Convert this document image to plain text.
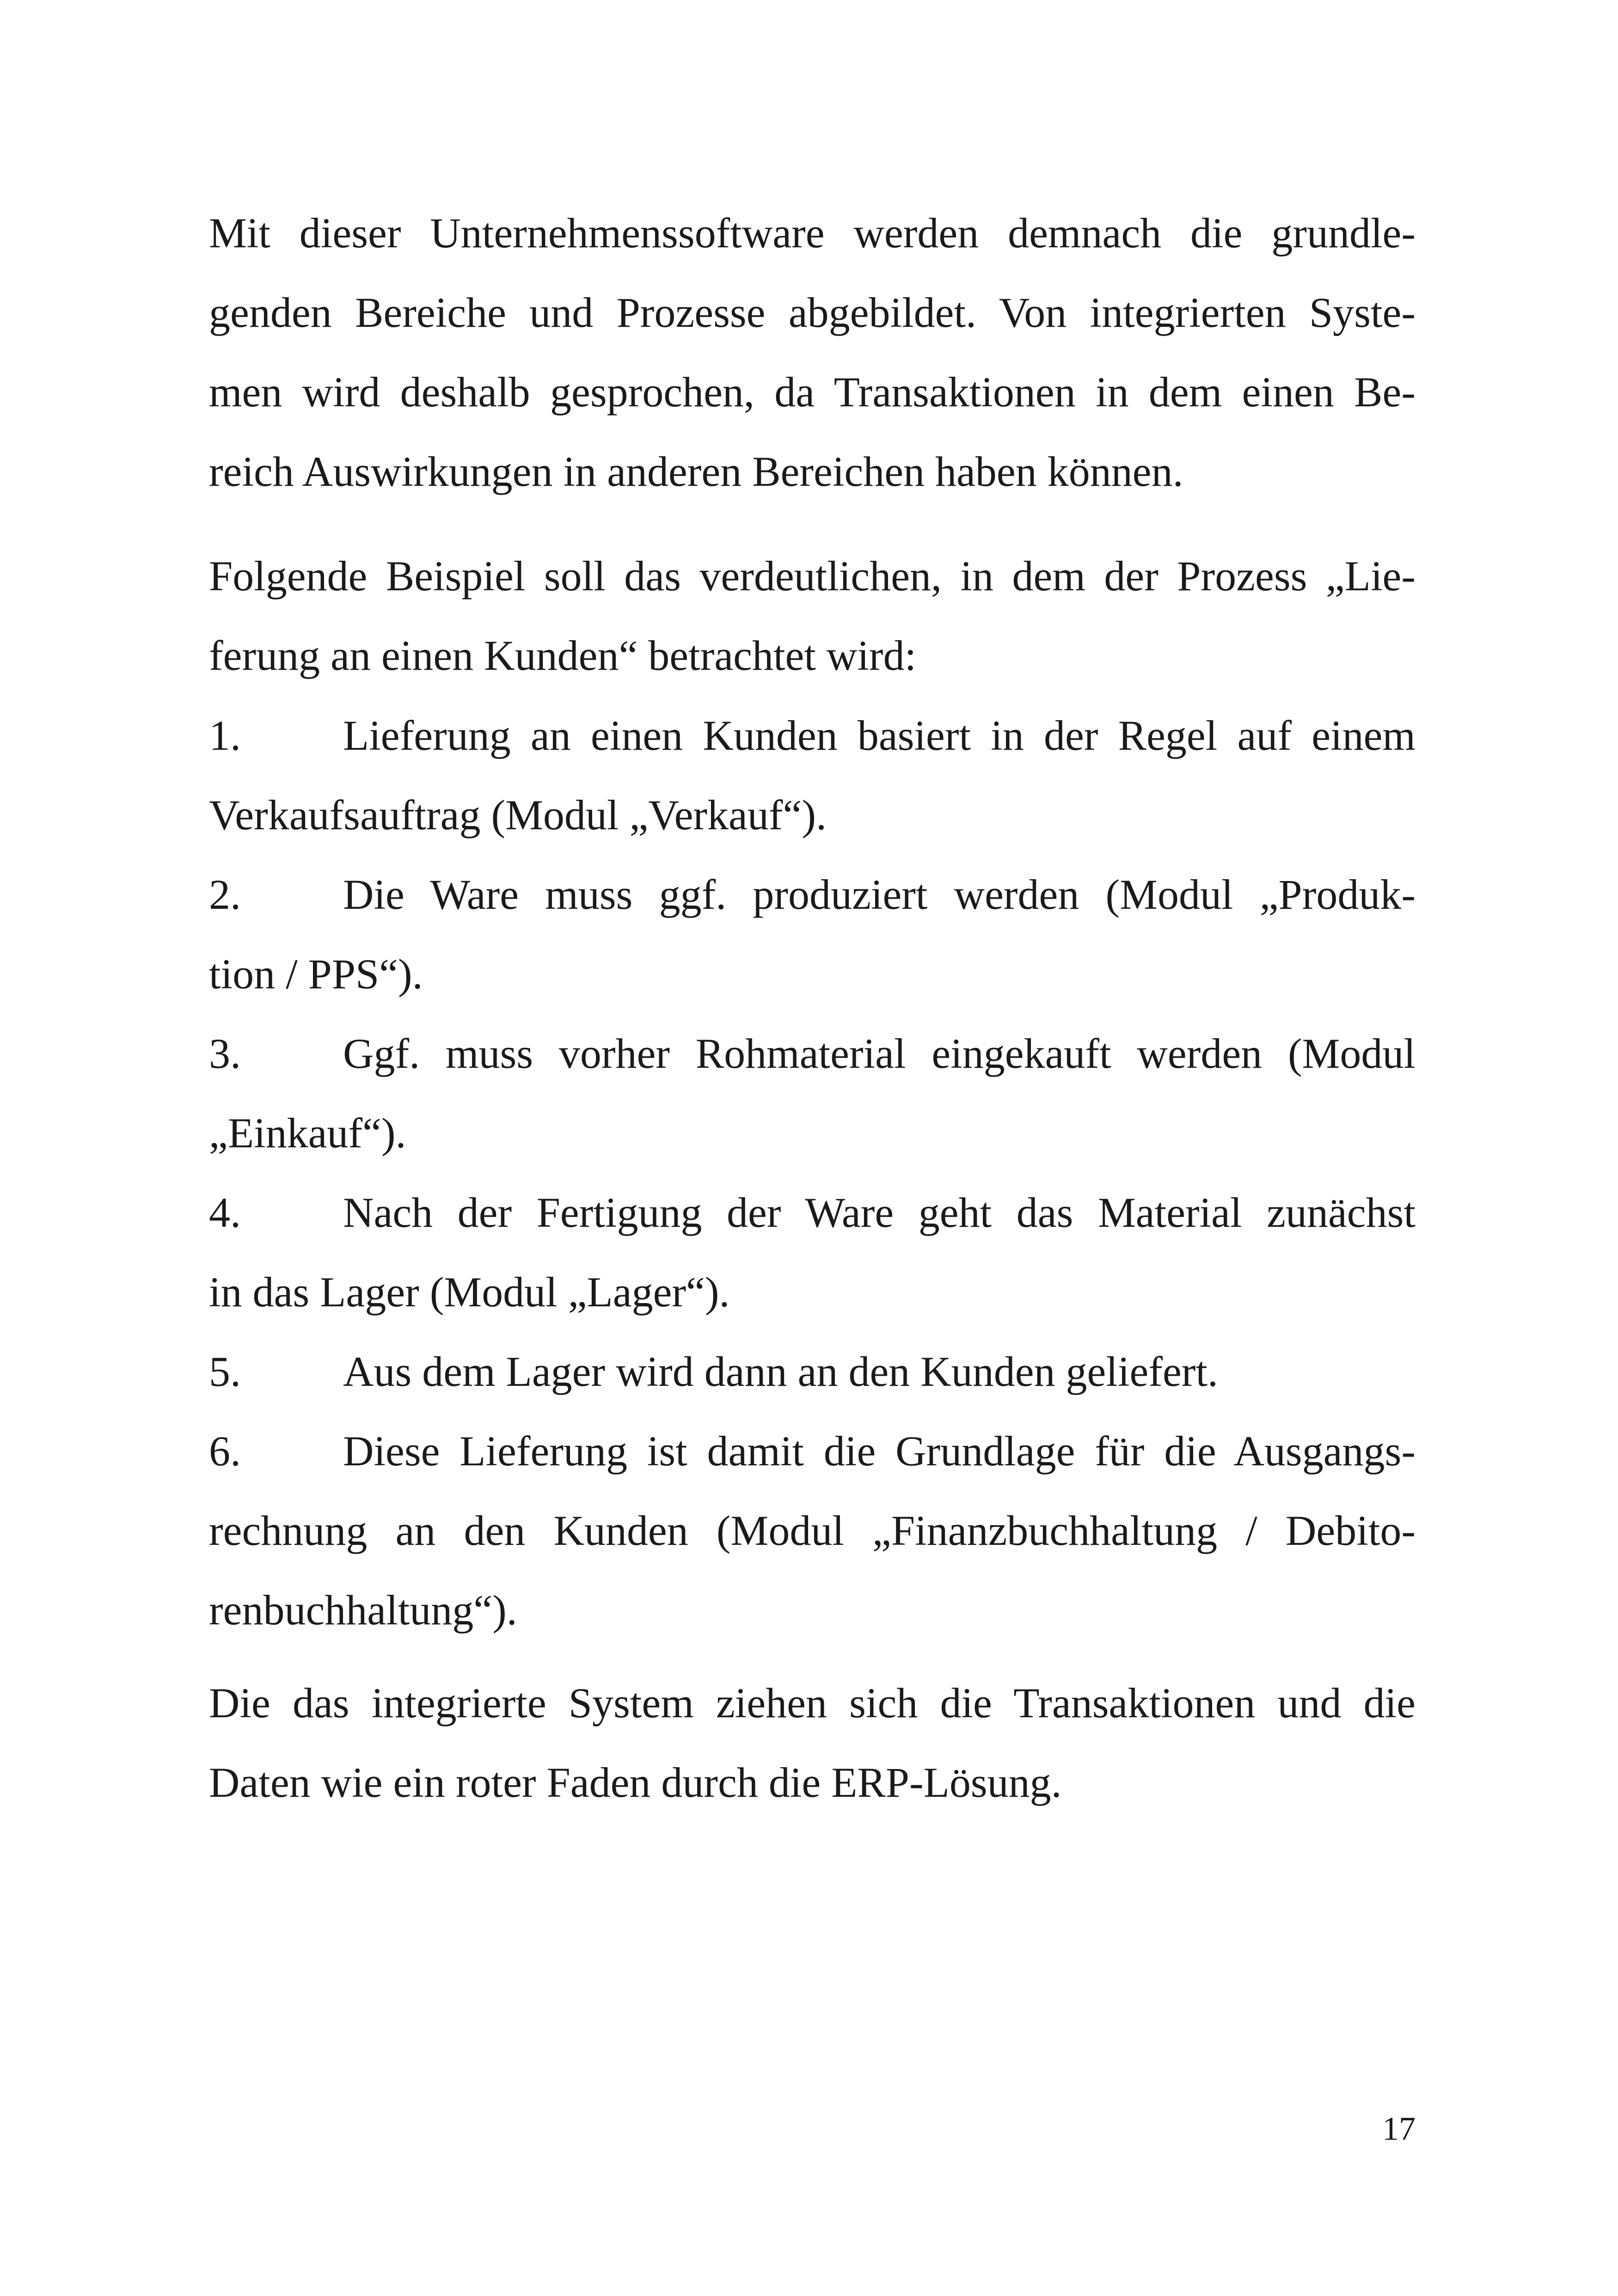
Mit dieser Unternehmenssoftware werden demnach die grundle-
genden Bereiche und Prozesse abgebildet. Von integrierten Syste-
men wird deshalb gesprochen, da Transaktionen in dem einen Be-
reich Auswirkungen in anderen Bereichen haben können.
Folgende Beispiel soll das verdeutlichen, in dem der Prozess „Lie-
ferung an einen Kunden“ betrachtet wird:
1. Lieferung an einen Kunden basiert in der Regel auf einem
Verkaufsauftrag (Modul „Verkauf“).
2. Die Ware muss ggf. produziert werden (Modul „Produk-
tion / PPS“).
3. Ggf. muss vorher Rohmaterial eingekauft werden (Modul
„Einkauf“).
4. Nach der Fertigung der Ware geht das Material zunächst
in das Lager (Modul „Lager“).
5. Aus dem Lager wird dann an den Kunden geliefert.
6. Diese Lieferung ist damit die Grundlage für die Ausgangs-
rechnung an den Kunden (Modul „Finanzbuchhaltung / Debito-
renbuchhaltung“).
Die das integrierte System ziehen sich die Transaktionen und die
Daten wie ein roter Faden durch die ERP-Lösung.
17
